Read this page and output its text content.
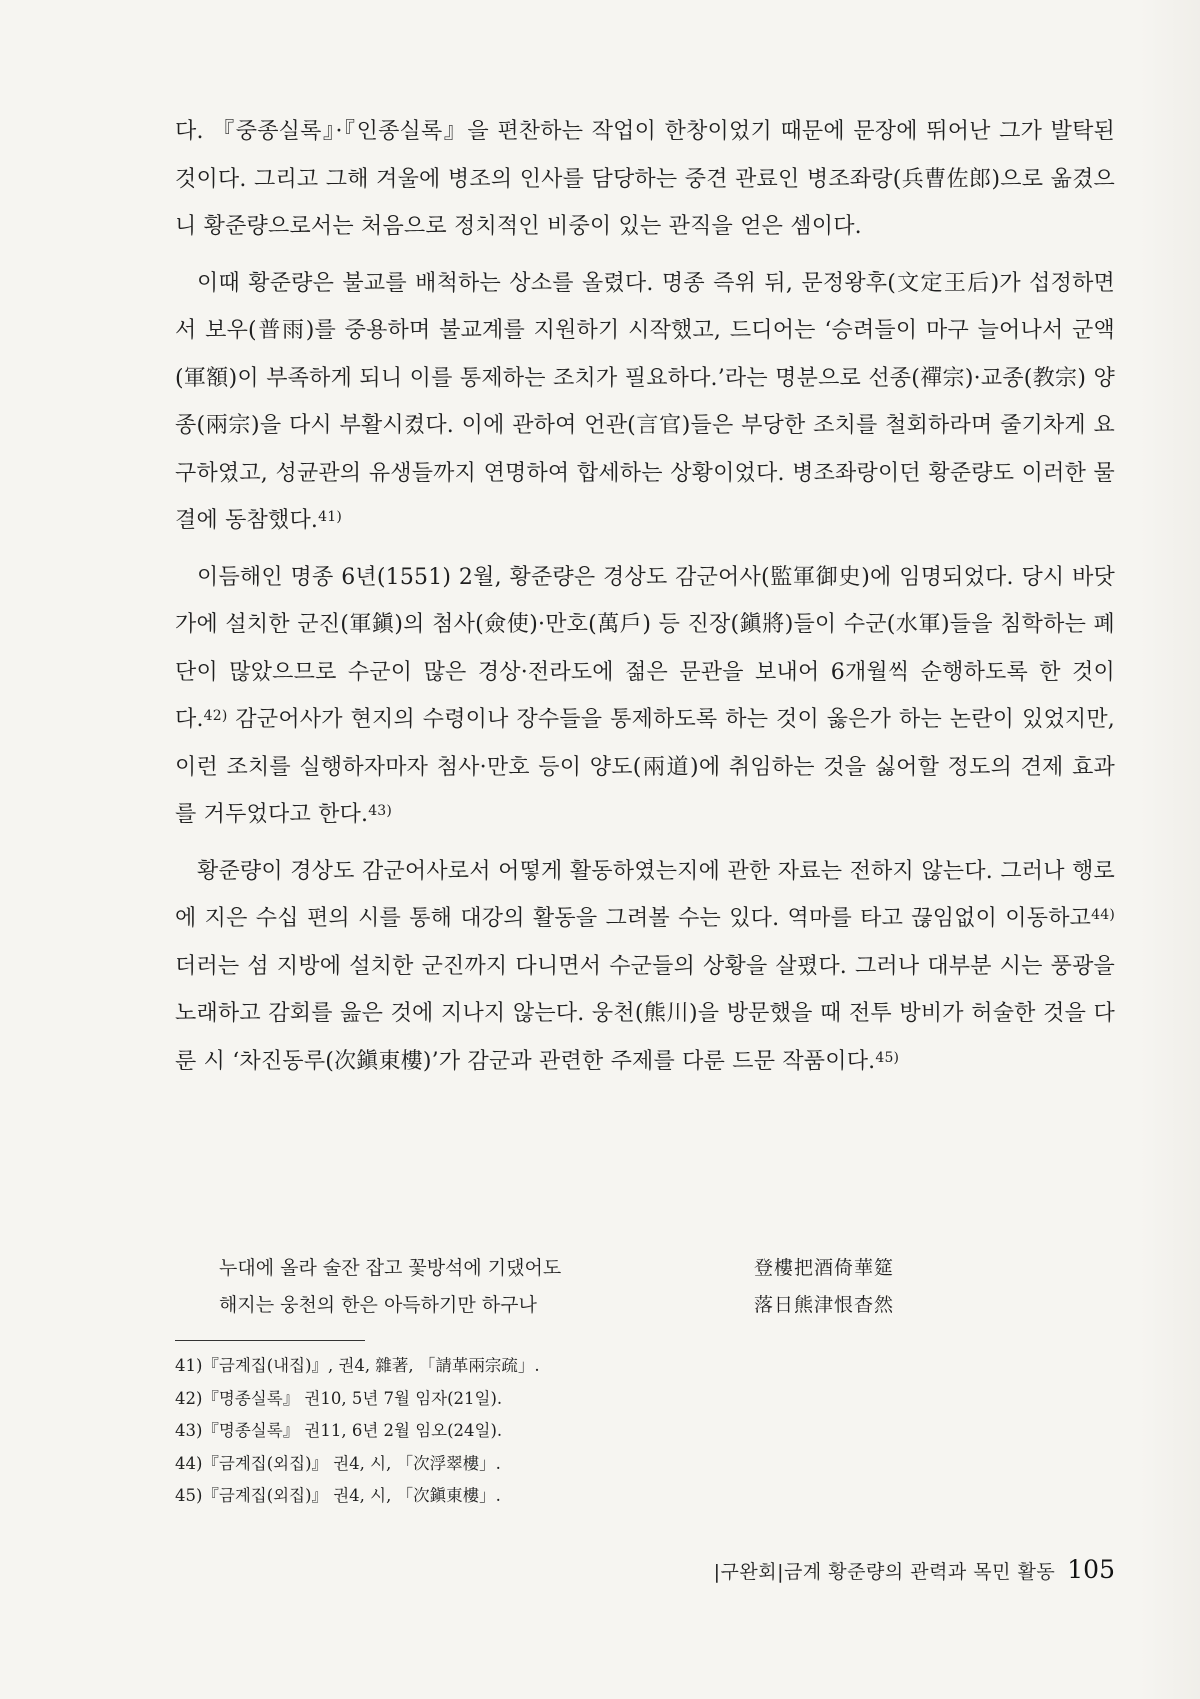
다. 『중종실록』·『인종실록』을 편찬하는 작업이 한창이었기 때문에 문장에 뛰어난 그가 발탁된 것이다. 그리고 그해 겨울에 병조의 인사를 담당하는 중견 관료인 병조좌랑(兵曹佐郎)으로 옮겼으니 황준량으로서는 처음으로 정치적인 비중이 있는 관직을 얻은 셈이다.

이때 황준량은 불교를 배척하는 상소를 올렸다. 명종 즉위 뒤, 문정왕후(文定王后)가 섭정하면서 보우(普雨)를 중용하며 불교계를 지원하기 시작했고, 드디어는 ‘승려들이 마구 늘어나서 군액(軍額)이 부족하게 되니 이를 통제하는 조치가 필요하다.’라는 명분으로 선종(禪宗)·교종(教宗) 양종(兩宗)을 다시 부활시켰다. 이에 관하여 언관(言官)들은 부당한 조치를 철회하라며 줄기차게 요구하였고, 성균관의 유생들까지 연명하여 합세하는 상황이었다. 병조좌랑이던 황준량도 이러한 물결에 동참했다.$^{41)}$

이듬해인 명종 6년(1551) 2월, 황준량은 경상도 감군어사(監軍御史)에 임명되었다. 당시 바닷가에 설치한 군진(軍鎭)의 첨사(僉使)·만호(萬戶) 등 진장(鎭將)들이 수군(水軍)들을 침학하는 폐단이 많았으므로 수군이 많은 경상·전라도에 젊은 문관을 보내어 6개월씩 순행하도록 한 것이다.$^{42)}$ 감군어사가 현지의 수령이나 장수들을 통제하도록 하는 것이 옳은가 하는 논란이 있었지만, 이런 조치를 실행하자마자 첨사·만호 등이 양도(兩道)에 취임하는 것을 싫어할 정도의 견제 효과를 거두었다고 한다.$^{43)}$

황준량이 경상도 감군어사로서 어떻게 활동하였는지에 관한 자료는 전하지 않는다. 그러나 행로에 지은 수십 편의 시를 통해 대강의 활동을 그려볼 수는 있다. 역마를 타고 끊임없이 이동하고$^{44)}$ 더러는 섬 지방에 설치한 군진까지 다니면서 수군들의 상황을 살폈다. 그러나 대부분 시는 풍광을 노래하고 감회를 읊은 것에 지나지 않는다. 웅천(熊川)을 방문했을 때 전투 방비가 허술한 것을 다룬 시 ‘차진동루(次鎭東樓)’가 감군과 관련한 주제를 다룬 드문 작품이다.$^{45)}$

누대에 올라 술잔 잡고 꽃방석에 기댔어도	登樓把酒倚華筵
해지는 웅천의 한은 아득하기만 하구나	落日熊津恨杳然
41)『금계집(내집)』, 권4, 雜著, 「請革兩宗疏」.
42)『명종실록』 권10, 5년 7월 임자(21일).
43)『명종실록』 권11, 6년 2월 임오(24일).
44)『금계집(외집)』 권4, 시, 「次浮翠樓」.
45)『금계집(외집)』 권4, 시, 「次鎭東樓」.
|구완회|금계 황준량의 관력과 목민 활동 105
